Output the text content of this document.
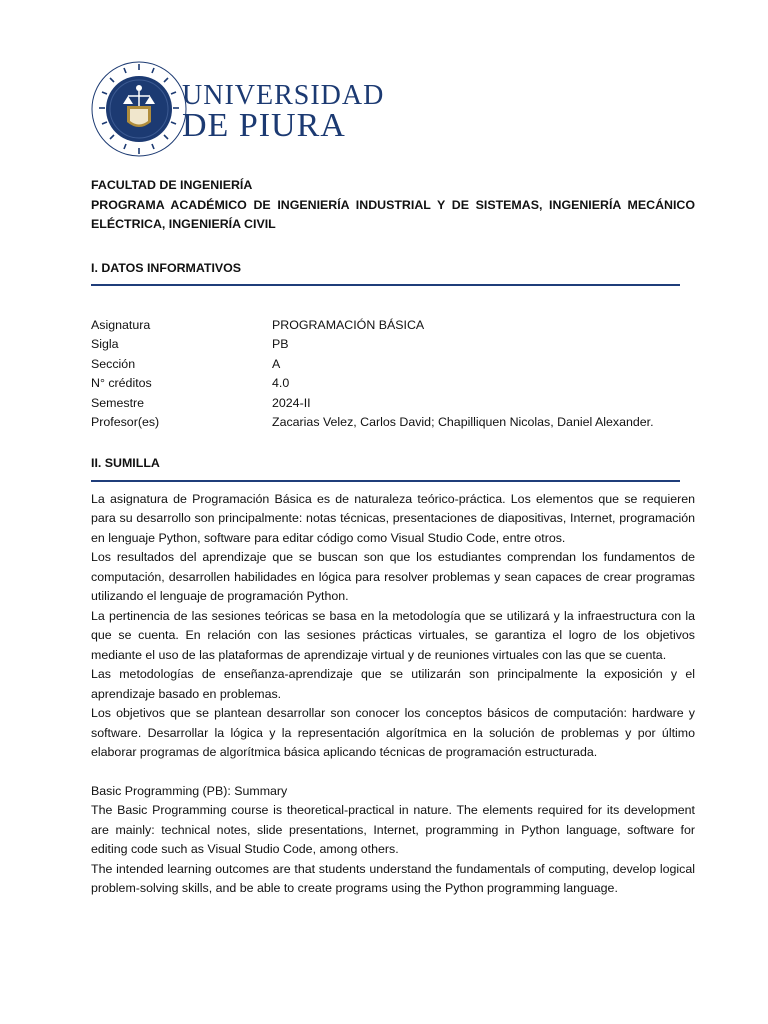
UNIVERSIDAD
DE PIURA

FACULTAD DE INGENIERÍA

PROGRAMA ACADÉMICO DE INGENIERÍA INDUSTRIAL Y DE SISTEMAS, INGENIERÍA MECÁNICO ELÉCTRICA, INGENIERÍA CIVIL

I. DATOS INFORMATIVOS

Asignatura	PROGRAMACIÓN BÁSICA
Sigla	PB
Sección	A
N° créditos	4.0
Semestre	2024-II
Profesor(es)	Zacarias Velez, Carlos David; Chapilliquen Nicolas, Daniel Alexander.

II. SUMILLA

La asignatura de Programación Básica es de naturaleza teórico-práctica. Los elementos que se requieren para su desarrollo son principalmente: notas técnicas, presentaciones de diapositivas, Internet, programación en lenguaje Python, software para editar código como Visual Studio Code, entre otros.

Los resultados del aprendizaje que se buscan son que los estudiantes comprendan los fundamentos de computación, desarrollen habilidades en lógica para resolver problemas y sean capaces de crear programas utilizando el lenguaje de programación Python.

La pertinencia de las sesiones teóricas se basa en la metodología que se utilizará y la infraestructura con la que se cuenta. En relación con las sesiones prácticas virtuales, se garantiza el logro de los objetivos mediante el uso de las plataformas de aprendizaje virtual y de reuniones virtuales con las que se cuenta.

Las metodologías de enseñanza-aprendizaje que se utilizarán son principalmente la exposición y el aprendizaje basado en problemas.

Los objetivos que se plantean desarrollar son conocer los conceptos básicos de computación: hardware y software. Desarrollar la lógica y la representación algorítmica en la solución de problemas y por último elaborar programas de algorítmica básica aplicando técnicas de programación estructurada.

Basic Programming (PB): Summary

The Basic Programming course is theoretical-practical in nature. The elements required for its development are mainly: technical notes, slide presentations, Internet, programming in Python language, software for editing code such as Visual Studio Code, among others.

The intended learning outcomes are that students understand the fundamentals of computing, develop logical problem-solving skills, and be able to create programs using the Python programming language.
